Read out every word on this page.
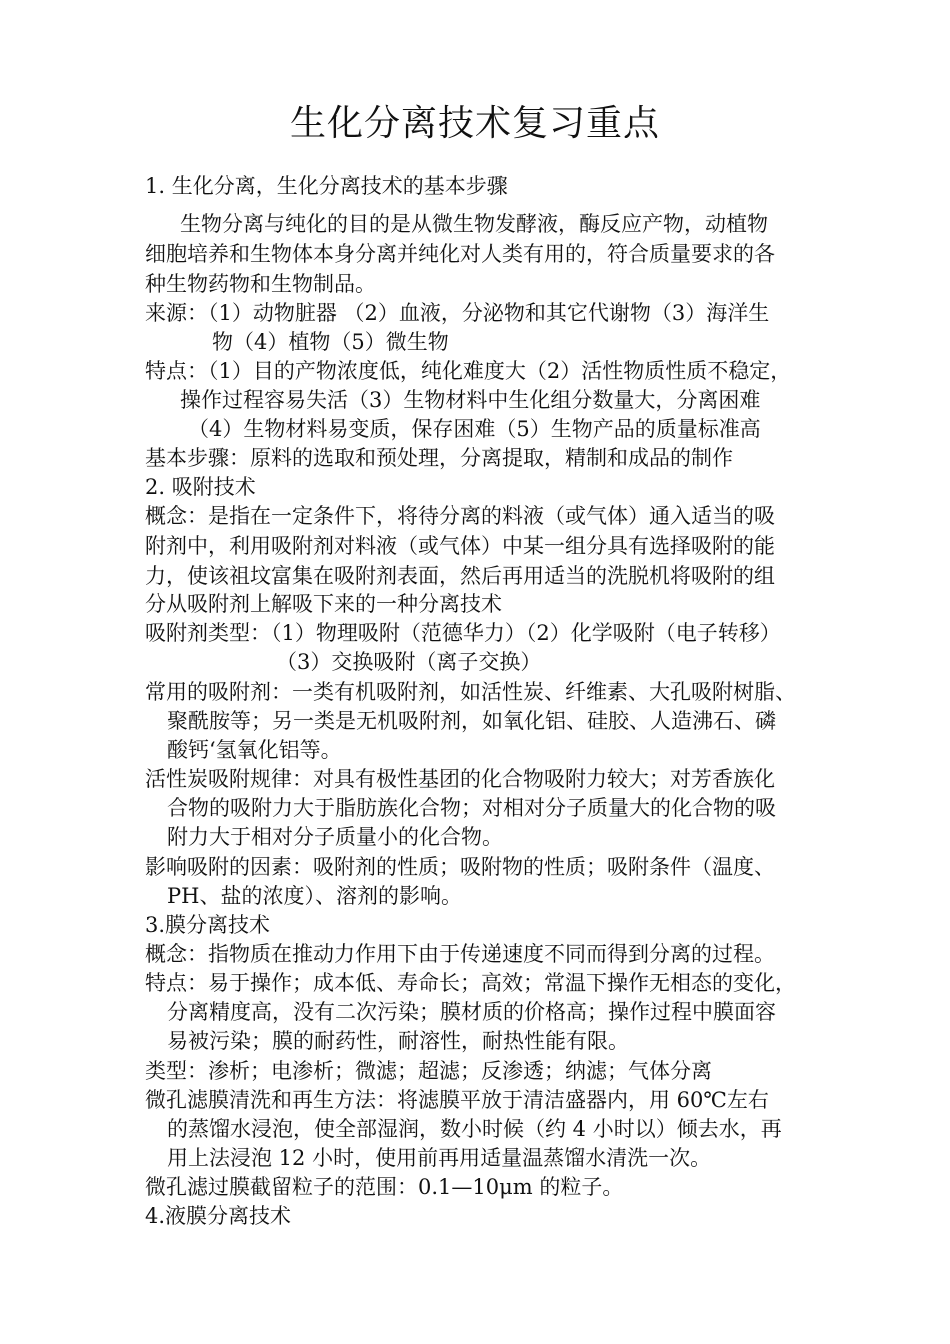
生化分离技术复习重点
1. 生化分离，生化分离技术的基本步骤
生物分离与纯化的目的是从微生物发酵液，酶反应产物，动植物
细胞培养和生物体本身分离并纯化对人类有用的，符合质量要求的各
种生物药物和生物制品。
来源：（1）动物脏器 （2）血液，分泌物和其它代谢物（3）海洋生
物（4）植物（5）微生物
特点：（1）目的产物浓度低，纯化难度大（2）活性物质性质不稳定，
操作过程容易失活（3）生物材料中生化组分数量大，分离困难
（4）生物材料易变质，保存困难（5）生物产品的质量标准高
基本步骤：原料的选取和预处理，分离提取，精制和成品的制作
2. 吸附技术
概念：是指在一定条件下，将待分离的料液（或气体）通入适当的吸
附剂中，利用吸附剂对料液（或气体）中某一组分具有选择吸附的能
力，使该祖坟富集在吸附剂表面，然后再用适当的洗脱机将吸附的组
分从吸附剂上解吸下来的一种分离技术
吸附剂类型：（1）物理吸附（范德华力）（2）化学吸附（电子转移）
（3）交换吸附（离子交换）
常用的吸附剂：一类有机吸附剂，如活性炭、纤维素、大孔吸附树脂、
聚酰胺等；另一类是无机吸附剂，如氧化铝、硅胶、人造沸石、磷
酸钙‘氢氧化铝等。
活性炭吸附规律：对具有极性基团的化合物吸附力较大；对芳香族化
合物的吸附力大于脂肪族化合物；对相对分子质量大的化合物的吸
附力大于相对分子质量小的化合物。
影响吸附的因素：吸附剂的性质；吸附物的性质；吸附条件（温度、
PH、盐的浓度）、溶剂的影响。
3.膜分离技术
概念：指物质在推动力作用下由于传递速度不同而得到分离的过程。
特点：易于操作；成本低、寿命长；高效；常温下操作无相态的变化，
分离精度高，没有二次污染；膜材质的价格高；操作过程中膜面容
易被污染；膜的耐药性，耐溶性，耐热性能有限。
类型：渗析；电渗析；微滤；超滤；反渗透；纳滤；气体分离
微孔滤膜清洗和再生方法：将滤膜平放于清洁盛器内，用 60℃左右
的蒸馏水浸泡，使全部湿润，数小时候（约 4 小时以）倾去水，再
用上法浸泡 12 小时，使用前再用适量温蒸馏水清洗一次。
微孔滤过膜截留粒子的范围：0.1—10μm 的粒子。
4.液膜分离技术
